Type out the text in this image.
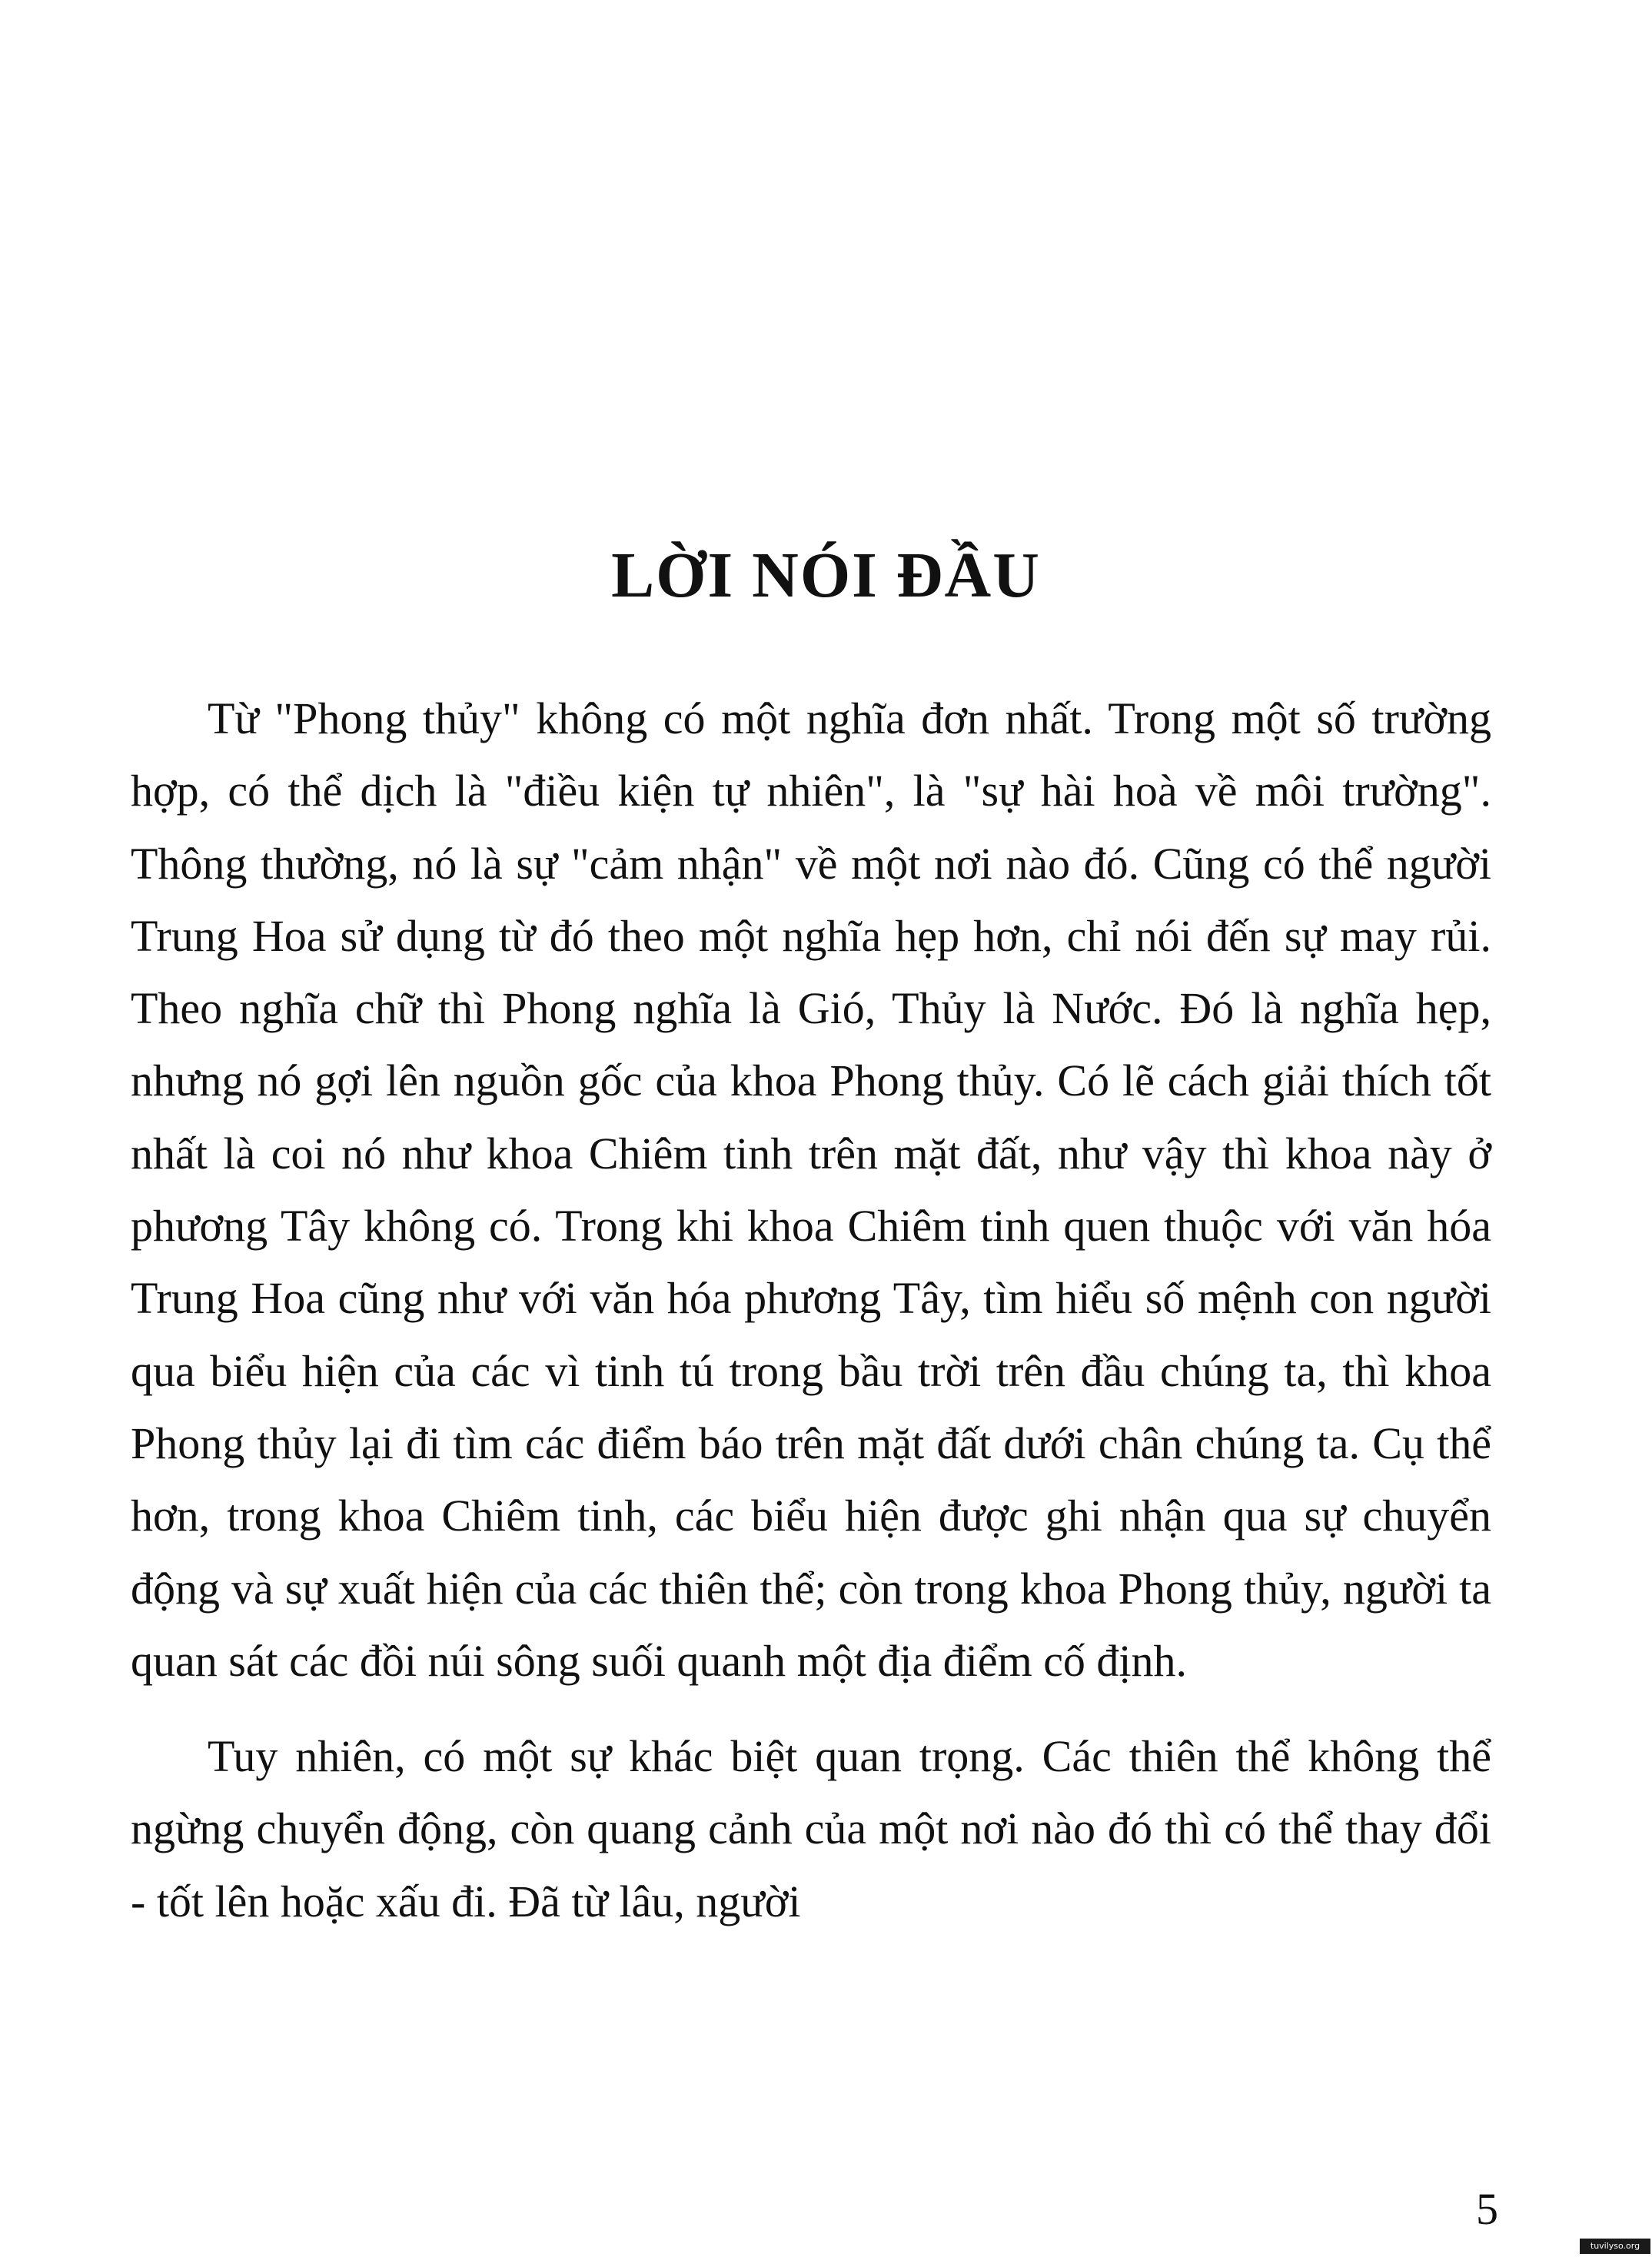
LỜI NÓI ĐẦU

Từ "Phong thủy" không có một nghĩa đơn nhất. Trong một số trường hợp, có thể dịch là "điều kiện tự nhiên", là "sự hài hoà về môi trường". Thông thường, nó là sự "cảm nhận" về một nơi nào đó. Cũng có thể người Trung Hoa sử dụng từ đó theo một nghĩa hẹp hơn, chỉ nói đến sự may rủi. Theo nghĩa chữ thì Phong nghĩa là Gió, Thủy là Nước. Đó là nghĩa hẹp, nhưng nó gợi lên nguồn gốc của khoa Phong thủy. Có lẽ cách giải thích tốt nhất là coi nó như khoa Chiêm tinh trên mặt đất, như vậy thì khoa này ở phương Tây không có. Trong khi khoa Chiêm tinh quen thuộc với văn hóa Trung Hoa cũng như với văn hóa phương Tây, tìm hiểu số mệnh con người qua biểu hiện của các vì tinh tú trong bầu trời trên đầu chúng ta, thì khoa Phong thủy lại đi tìm các điểm báo trên mặt đất dưới chân chúng ta. Cụ thể hơn, trong khoa Chiêm tinh, các biểu hiện được ghi nhận qua sự chuyển động và sự xuất hiện của các thiên thể; còn trong khoa Phong thủy, người ta quan sát các đồi núi sông suối quanh một địa điểm cố định.

Tuy nhiên, có một sự khác biệt quan trọng. Các thiên thể không thể ngừng chuyển động, còn quang cảnh của một nơi nào đó thì có thể thay đổi - tốt lên hoặc xấu đi. Đã từ lâu, người

5
tuvilyso.org
